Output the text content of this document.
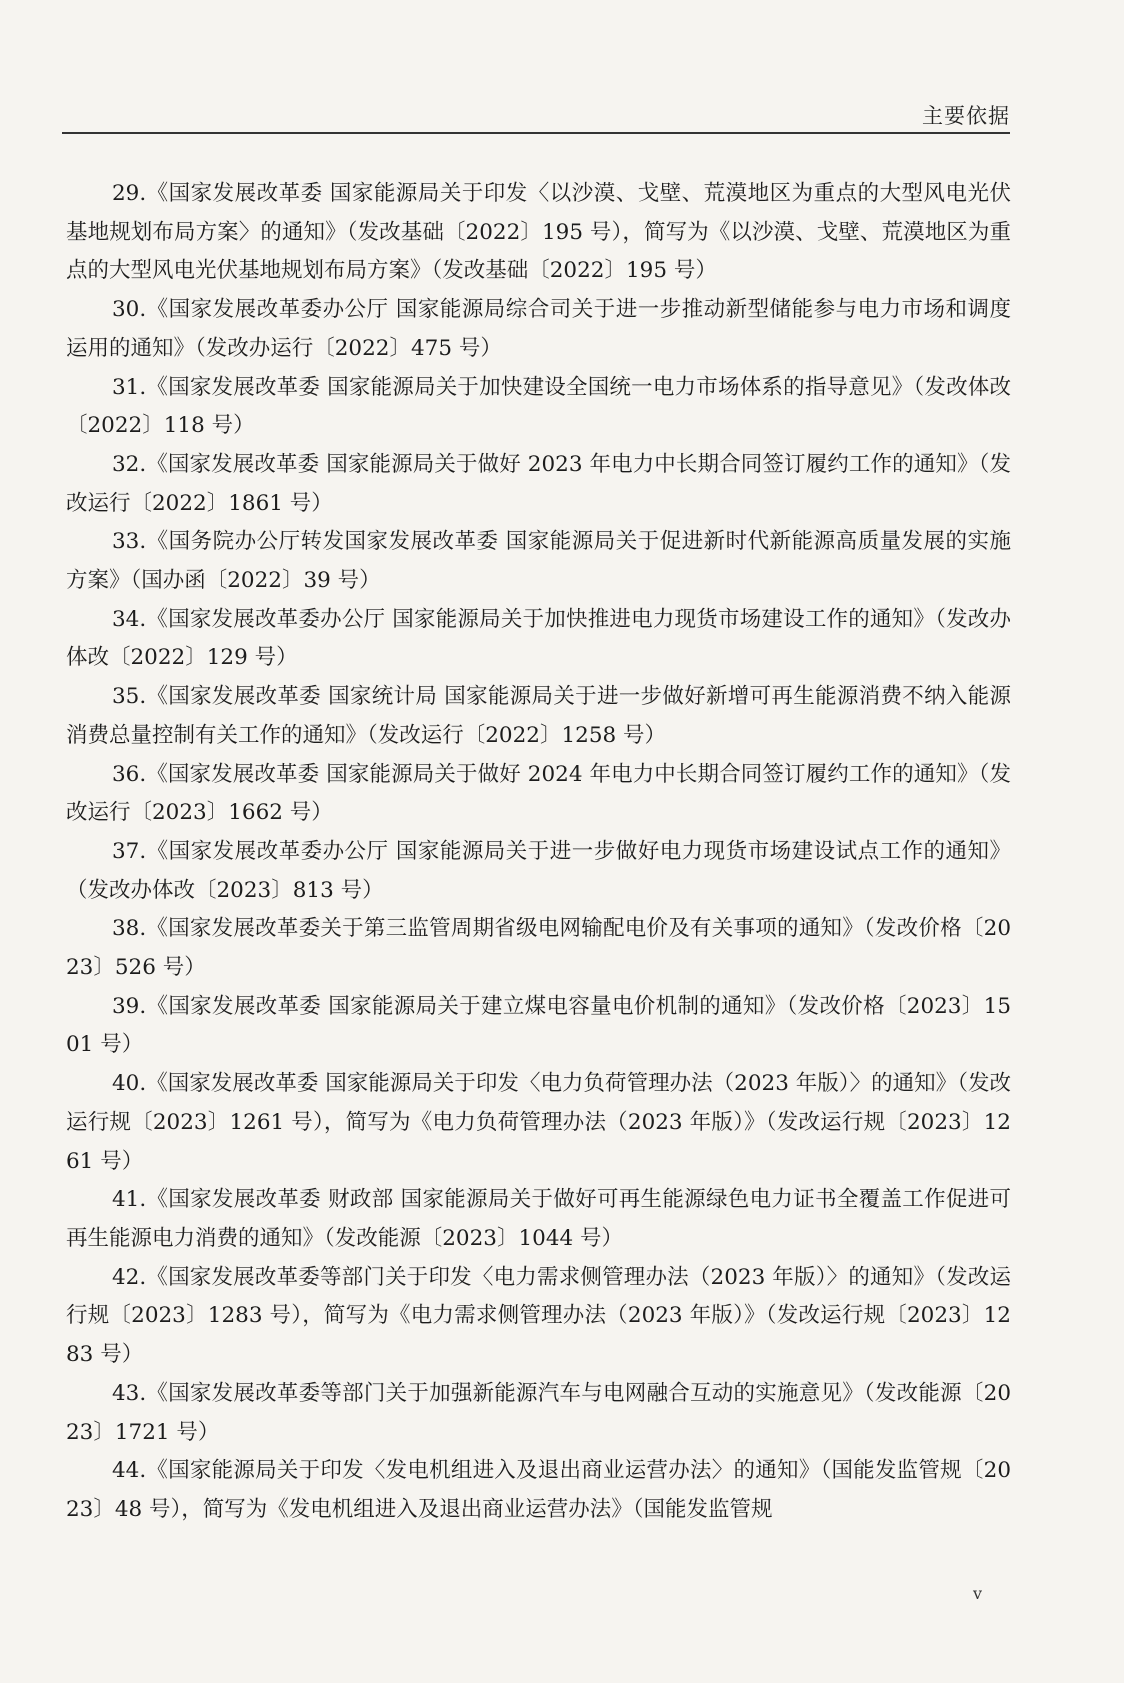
主要依据

29.《国家发展改革委 国家能源局关于印发〈以沙漠、戈壁、荒漠地区为重点的大型风电光伏基地规划布局方案〉的通知》（发改基础〔2022〕195 号），简写为《以沙漠、戈壁、荒漠地区为重点的大型风电光伏基地规划布局方案》（发改基础〔2022〕195 号）

30.《国家发展改革委办公厅 国家能源局综合司关于进一步推动新型储能参与电力市场和调度运用的通知》（发改办运行〔2022〕475 号）

31.《国家发展改革委 国家能源局关于加快建设全国统一电力市场体系的指导意见》（发改体改〔2022〕118 号）

32.《国家发展改革委 国家能源局关于做好 2023 年电力中长期合同签订履约工作的通知》（发改运行〔2022〕1861 号）

33.《国务院办公厅转发国家发展改革委 国家能源局关于促进新时代新能源高质量发展的实施方案》（国办函〔2022〕39 号）

34.《国家发展改革委办公厅 国家能源局关于加快推进电力现货市场建设工作的通知》（发改办体改〔2022〕129 号）

35.《国家发展改革委 国家统计局 国家能源局关于进一步做好新增可再生能源消费不纳入能源消费总量控制有关工作的通知》（发改运行〔2022〕1258 号）

36.《国家发展改革委 国家能源局关于做好 2024 年电力中长期合同签订履约工作的通知》（发改运行〔2023〕1662 号）

37.《国家发展改革委办公厅 国家能源局关于进一步做好电力现货市场建设试点工作的通知》（发改办体改〔2023〕813 号）

38.《国家发展改革委关于第三监管周期省级电网输配电价及有关事项的通知》（发改价格〔2023〕526 号）

39.《国家发展改革委 国家能源局关于建立煤电容量电价机制的通知》（发改价格〔2023〕1501 号）

40.《国家发展改革委 国家能源局关于印发〈电力负荷管理办法（2023 年版）〉的通知》（发改运行规〔2023〕1261 号），简写为《电力负荷管理办法（2023 年版）》（发改运行规〔2023〕1261 号）

41.《国家发展改革委 财政部 国家能源局关于做好可再生能源绿色电力证书全覆盖工作促进可再生能源电力消费的通知》（发改能源〔2023〕1044 号）

42.《国家发展改革委等部门关于印发〈电力需求侧管理办法（2023 年版）〉的通知》（发改运行规〔2023〕1283 号），简写为《电力需求侧管理办法（2023 年版）》（发改运行规〔2023〕1283 号）

43.《国家发展改革委等部门关于加强新能源汽车与电网融合互动的实施意见》（发改能源〔2023〕1721 号）

44.《国家能源局关于印发〈发电机组进入及退出商业运营办法〉的通知》（国能发监管规〔2023〕48 号），简写为《发电机组进入及退出商业运营办法》（国能发监管规

v
